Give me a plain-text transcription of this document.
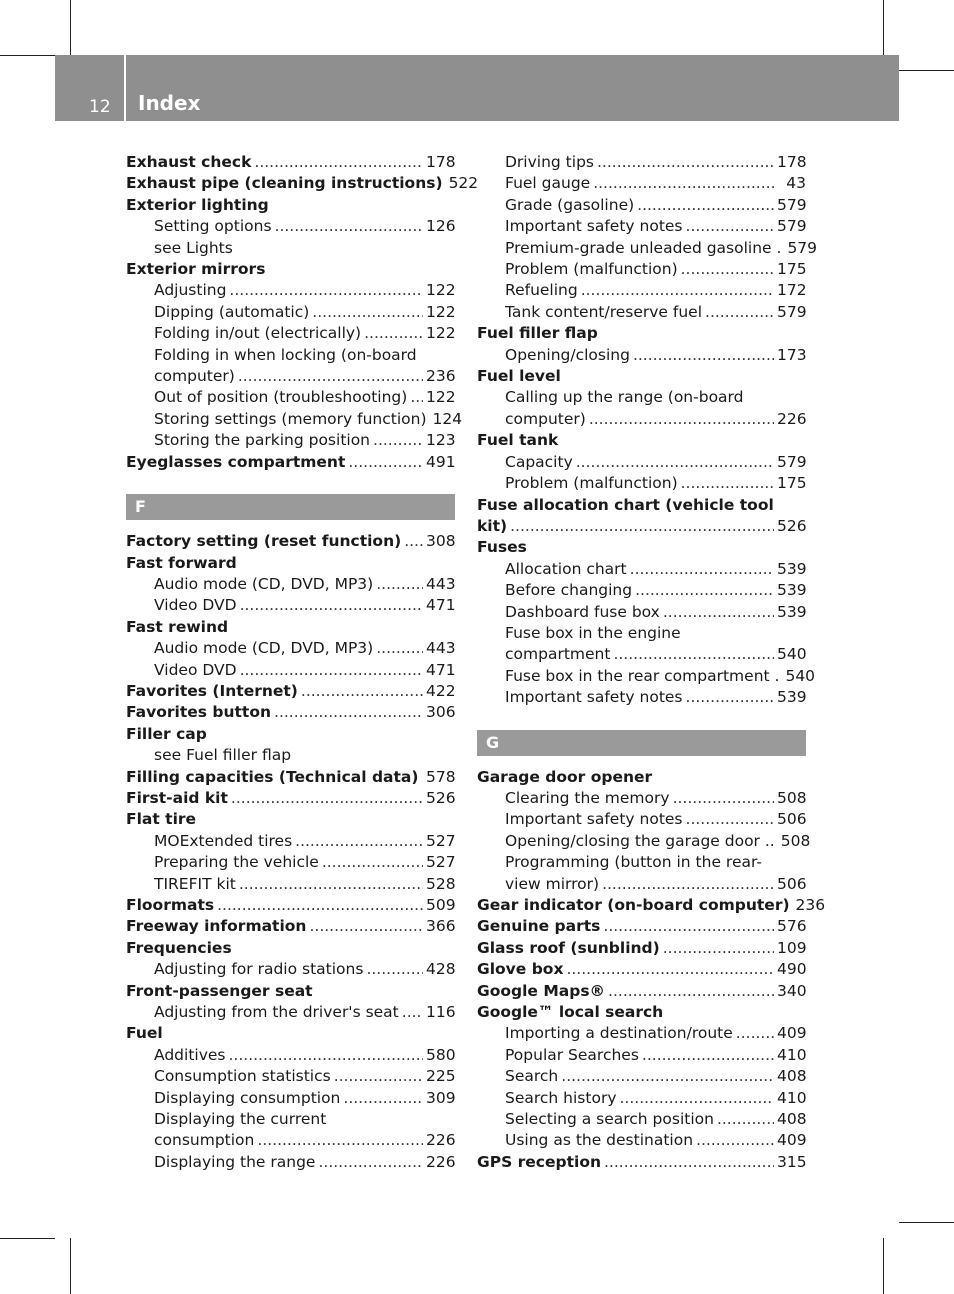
12 Index
Exhaust check .....	178
Exhaust pipe (cleaning instructions) 522
Exterior lighting
Setting options .....	126
see Lights
Exterior mirrors
Adjusting .....	122
Dipping (automatic) .....	122
Folding in/out (electrically) .....	122
Folding in when locking (on-board
computer) .....	236
Out of position (troubleshooting) ..... 122
Storing settings (memory function) 124
Storing the parking position .....	123
Eyeglasses compartment .....	491
F
Factory setting (reset function) ..... 308
Fast forward
Audio mode (CD, DVD, MP3) .....	443
Video DVD .....	471
Fast rewind
Audio mode (CD, DVD, MP3) .....	443
Video DVD .....	471
Favorites (Internet) .....	422
Favorites button .....	306
Filler cap
see Fuel filler flap
Filling capacities (Technical data) ..... 578
First-aid kit .....	526
Flat tire
MOExtended tires .....	527
Preparing the vehicle .....	527
TIREFIT kit .....	528
Floormats .....	509
Freeway information .....	366
Frequencies
Adjusting for radio stations .....	428
Front-passenger seat
Adjusting from the driver's seat ..... 116
Fuel
Additives .....	580
Consumption statistics .....	225
Displaying consumption .....	309
Displaying the current
consumption .....	226
Displaying the range .....	226
Driving tips .....	178
Fuel gauge .....	43
Grade (gasoline) .....	579
Important safety notes .....	579
Premium-grade unleaded gasoline . 579
Problem (malfunction) .....	175
Refueling .....	172
Tank content/reserve fuel .....	579
Fuel filler flap
Opening/closing .....	173
Fuel level
Calling up the range (on-board
computer) .....	226
Fuel tank
Capacity .....	579
Problem (malfunction) .....	175
Fuse allocation chart (vehicle tool
kit) .....	526
Fuses
Allocation chart .....	539
Before changing .....	539
Dashboard fuse box .....	539
Fuse box in the engine
compartment .....	540
Fuse box in the rear compartment . 540
Important safety notes .....	539
G
Garage door opener
Clearing the memory .....	508
Important safety notes .....	506
Opening/closing the garage door .. 508
Programming (button in the rear-
view mirror) .....	506
Gear indicator (on-board computer) 236
Genuine parts .....	576
Glass roof (sunblind) .....	109
Glove box .....	490
Google Maps® .....	340
Google™ local search
Importing a destination/route .....	409
Popular Searches .....	410
Search .....	408
Search history .....	410
Selecting a search position .....	408
Using as the destination .....	409
GPS reception .....	315
